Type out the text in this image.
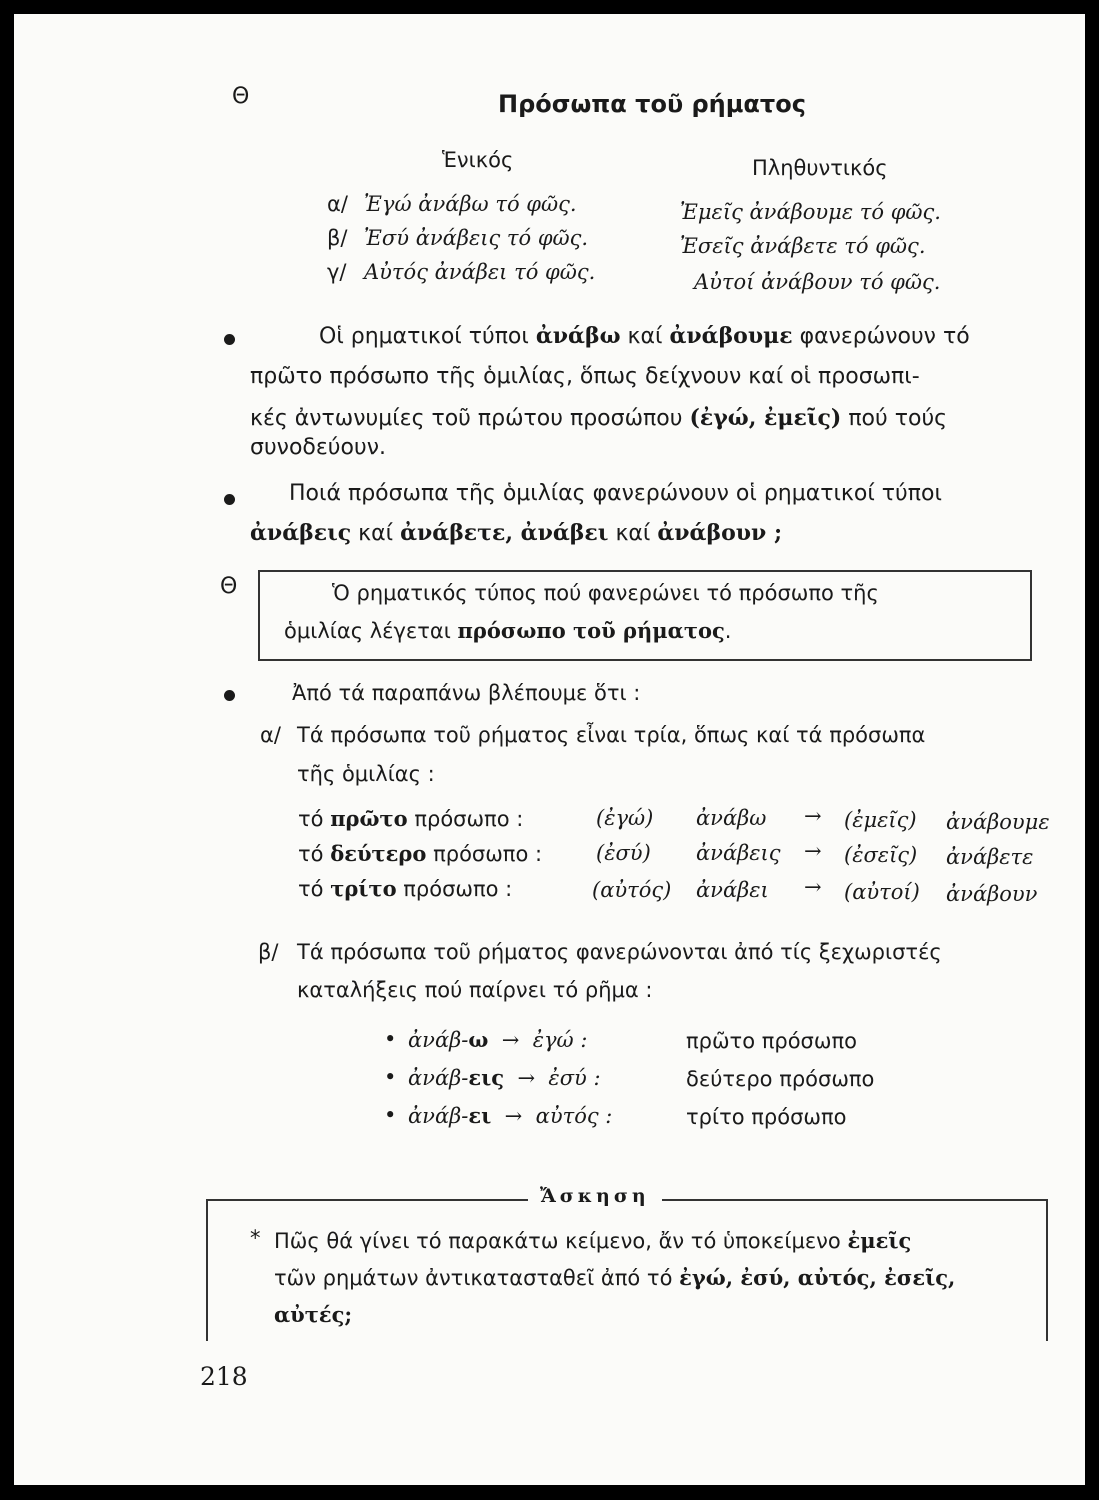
Θ	Πρόσωπα τοῦ ρήματος
Ἑνικός	Πληθυντικός
α/ Ἐγώ ἀνάβω τό φῶς.	Ἐμεῖς ἀνάβουμε τό φῶς.
β/ Ἐσύ ἀνάβεις τό φῶς.	Ἐσεῖς ἀνάβετε τό φῶς.
γ/ Αὐτός ἀνάβει τό φῶς.	Αὐτοί ἀνάβουν τό φῶς.
Οἱ ρηματικοί τύποι ἀνάβω καί ἀνάβουμε φανερώνουν τό
πρῶτο πρόσωπο τῆς ὁμιλίας, ὅπως δείχνουν καί οἱ προσωπι-
κές ἀντωνυμίες τοῦ πρώτου προσώπου (ἐγώ, ἐμεῖς) πού τούς
συνοδεύουν.
Ποιά πρόσωπα τῆς ὁμιλίας φανερώνουν οἱ ρηματικοί τύποι
ἀνάβεις καί ἀνάβετε, ἀνάβει καί ἀνάβουν ;
Θ	Ὁ ρηματικός τύπος πού φανερώνει τό πρόσωπο τῆς
ὁμιλίας λέγεται πρόσωπο τοῦ ρήματος.
Ἀπό τά παραπάνω βλέπουμε ὅτι :
α/ Τά πρόσωπα τοῦ ρήματος εἶναι τρία, ὅπως καί τά πρόσωπα
τῆς ὁμιλίας :
τό πρῶτο πρόσωπο :	(ἐγώ) ἀνάβω → (ἐμεῖς) ἀνάβουμε
τό δεύτερο πρόσωπο :	(ἐσύ) ἀνάβεις → (ἐσεῖς) ἀνάβετε
τό τρίτο πρόσωπο :	(αὐτός) ἀνάβει → (αὐτοί) ἀνάβουν
β/ Τά πρόσωπα τοῦ ρήματος φανερώνονται ἀπό τίς ξεχωριστές
καταλήξεις πού παίρνει τό ρῆμα :
• ἀνάβ-ω → ἐγώ :	πρῶτο πρόσωπο
• ἀνάβ-εις → ἐσύ :	δεύτερο πρόσωπο
• ἀνάβ-ει → αὐτός :	τρίτο πρόσωπο
Ἄσκηση
* Πῶς θά γίνει τό παρακάτω κείμενο, ἄν τό ὑποκείμενο ἐμεῖς
τῶν ρημάτων ἀντικατασταθεῖ ἀπό τό ἐγώ, ἐσύ, αὐτός, ἐσεῖς,
αὐτές;
218
